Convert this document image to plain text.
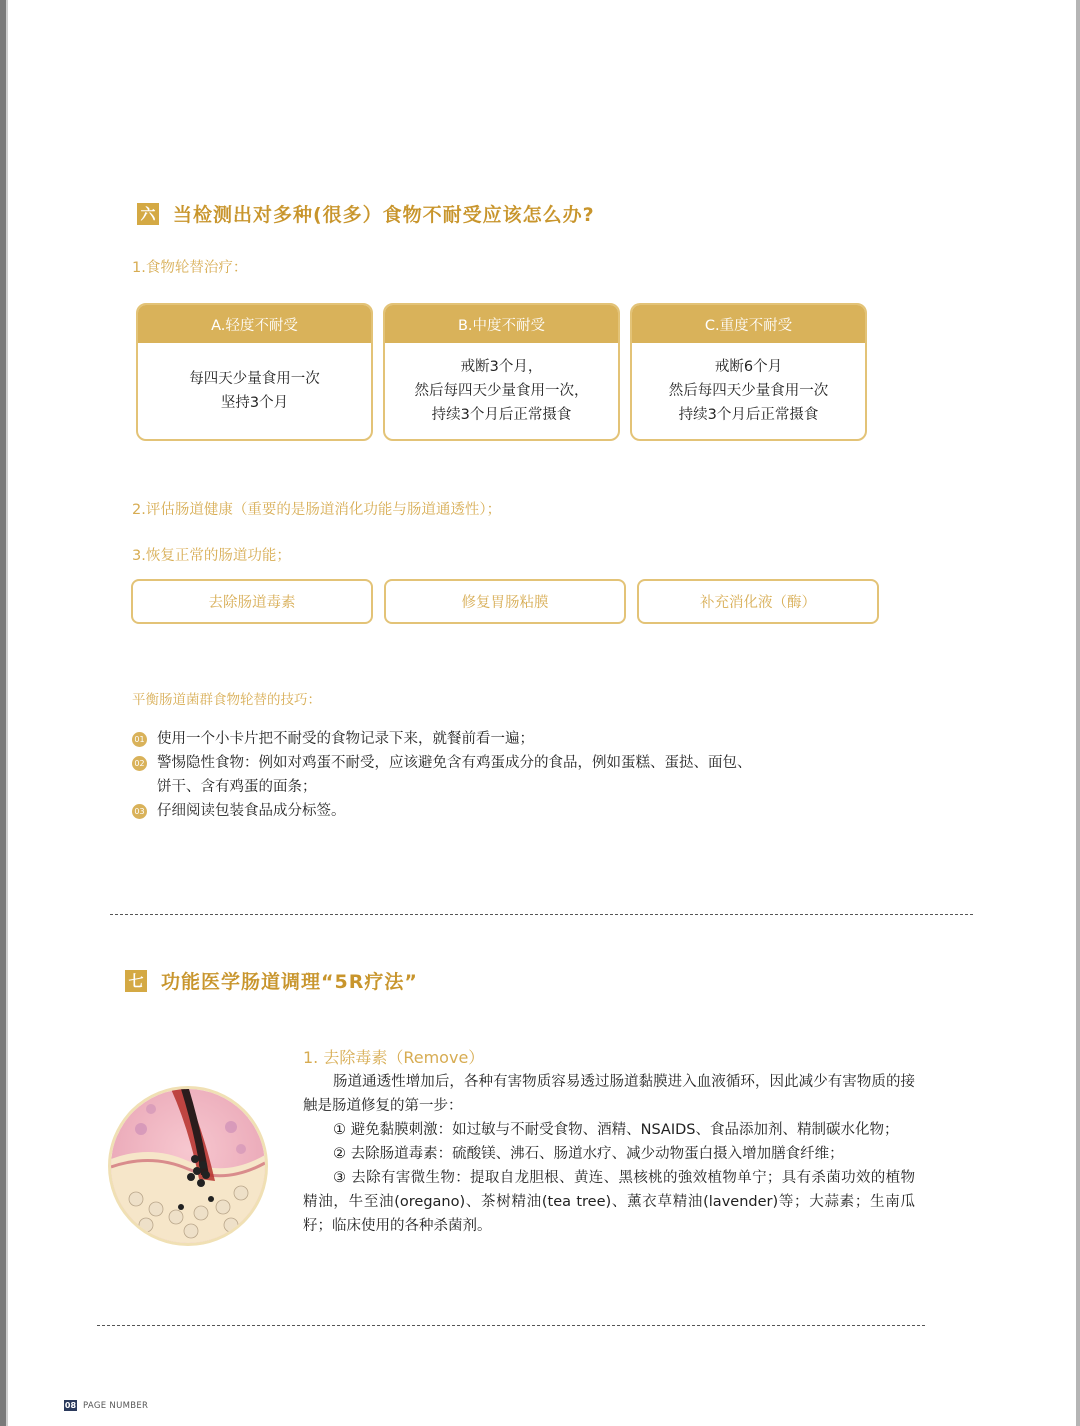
六 当检测出对多种(很多）食物不耐受应该怎么办?
1.食物轮替治疗：
A.轻度不耐受
每四天少量食用一次
坚持3个月
B.中度不耐受
戒断3个月，
然后每四天少量食用一次，
持续3个月后正常摄食
C.重度不耐受
戒断6个月
然后每四天少量食用一次
持续3个月后正常摄食
2.评估肠道健康（重要的是肠道消化功能与肠道通透性）；
3.恢复正常的肠道功能；
去除肠道毒素	修复胃肠粘膜	补充消化液（酶）
平衡肠道菌群食物轮替的技巧：
01 使用一个小卡片把不耐受的食物记录下来，就餐前看一遍；
02 警惕隐性食物：例如对鸡蛋不耐受，应该避免含有鸡蛋成分的食品，例如蛋糕、蛋挞、面包、
饼干、含有鸡蛋的面条；
03 仔细阅读包装食品成分标签。
七 功能医学肠道调理“5R疗法”
1. 去除毒素（Remove）

肠道通透性增加后，各种有害物质容易透过肠道黏膜进入血液循环，因此减少有害物质的接触是肠道修复的第一步：

① 避免黏膜刺激：如过敏与不耐受食物、酒精、NSAIDS、食品添加剂、精制碳水化物；

② 去除肠道毒素：硫酸镁、沸石、肠道水疗、减少动物蛋白摄入增加膳食纤维；

③ 去除有害微生物：提取自龙胆根、黄连、黑核桃的強效植物单宁；具有杀菌功效的植物精油，牛至油(oregano)、茶树精油(tea tree)、薰衣草精油(lavender)等；大蒜素；生南瓜籽；临床使用的各种杀菌剂。

08 PAGE NUMBER
